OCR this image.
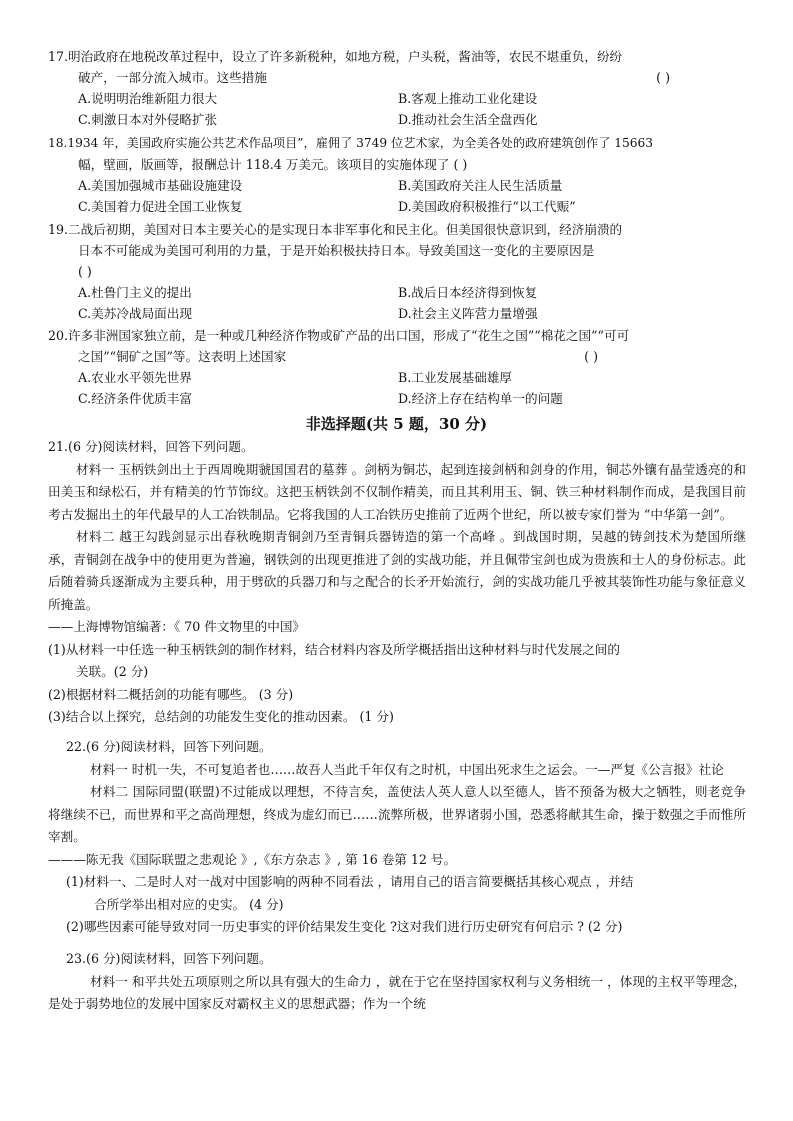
17.明治政府在地税改革过程中，设立了许多新税种，如地方税，户头税，酱油等，农民不堪重负，纷纷

破产，一部分流入城市。这些措施	( )
A.说明明治维新阻力很大	B.客观上推动工业化建设
C.刺激日本对外侵略扩张	D.推动社会生活全盘西化

18.1934 年，美国政府实施公共艺术作品项目”，雇佣了 3749 位艺术家，为全美各处的政府建筑创作了 15663

幅，壁画，版画等，报酬总计 118.4 万美元。该项目的实施体现了 ( )

A.美国加强城市基础设施建设	B.美国政府关注人民生活质量
C.美国着力促进全国工业恢复	D.美国政府积极推行“以工代赈”

19.二战后初期，美国对日本主要关心的是实现日本非军事化和民主化。但美国很快意识到，经济崩溃的

日本不可能成为美国可利用的力量，于是开始积极扶持日本。导致美国这一变化的主要原因是

( )

A.杜鲁门主义的提出	B.战后日本经济得到恢复
C.美苏冷战局面出现	D.社会主义阵营力量增强

20.许多非洲国家独立前，是一种或几种经济作物或矿产品的出口国，形成了“花生之国”“棉花之国”“可可

之国”“铜矿之国”等。这表明上述国家	( )
A.农业水平领先世界	B.工业发展基础雄厚
C.经济条件优质丰富	D.经济上存在结构单一的问题
非选择题(共 5 题，30 分)

21.(6 分)阅读材料，回答下列问题。

材料一 玉柄铁剑出土于西周晚期虢国国君的墓葬 。剑柄为铜芯，起到连接剑柄和剑身的作用，铜芯外镶有晶莹透亮的和田美玉和绿松石，并有精美的竹节饰纹。这把玉柄铁剑不仅制作精美，而且其利用玉、铜、铁三种材料制作而成，是我国目前考古发掘出土的年代最早的人工冶铁制品。它将我国的人工冶铁历史推前了近两个世纪，所以被专家们誉为 “中华第一剑”。

材料二 越王勾践剑显示出春秋晚期青铜剑乃至青铜兵器铸造的第一个高峰 。到战国时期，吴越的铸剑技术为楚国所继承，青铜剑在战争中的使用更为普遍，钢铁剑的出现更推进了剑的实战功能，并且佩带宝剑也成为贵族和士人的身份标志。此后随着骑兵逐渐成为主要兵种，用于劈砍的兵器刀和与之配合的长矛开始流行，剑的实战功能几乎被其装饰性功能与象征意义所掩盖。

——上海博物馆编著：《 70 件文物里的中国》

(1)从材料一中任选一种玉柄铁剑的制作材料，结合材料内容及所学概括指出这种材料与时代发展之间的

关联。(2 分)

(2)根据材料二概括剑的功能有哪些。 (3 分)

(3)结合以上探究，总结剑的功能发生变化的推动因素。 (1 分)

22.(6 分)阅读材料，回答下列问题。

材料一 时机一失，不可复追者也……故吾人当此千年仅有之时机，中国出死求生之运会。一—严复《公言报》社论

材料二 国际同盟(联盟)不过能成以理想，不待言矣，盖使法人英人意人以至德人，皆不预备为极大之牺牲，则老竞争将继续不已，而世界和平之高尚理想，终成为虚幻而已……流弊所极，世界诸弱小国，恐悉将献其生命，操于数强之手而惟所宰割。

———陈无我《国际联盟之悲观论 》,《东方杂志 》, 第 16 卷第 12 号。

(1)材料一、二是时人对一战对中国影响的两种不同看法 ，请用自己的语言简要概括其核心观点 ，并结

合所学举出相对应的史实。 (4 分)

(2)哪些因素可能导致对同一历史事实的评价结果发生变化 ?这对我们进行历史研究有何启示 ? (2 分)

23.(6 分)阅读材料，回答下列问题。

材料一 和平共处五项原则之所以具有强大的生命力 ，就在于它在坚持国家权利与义务相统一 ，体现的主权平等理念，是处于弱势地位的发展中国家反对霸权主义的思想武器；作为一个统
